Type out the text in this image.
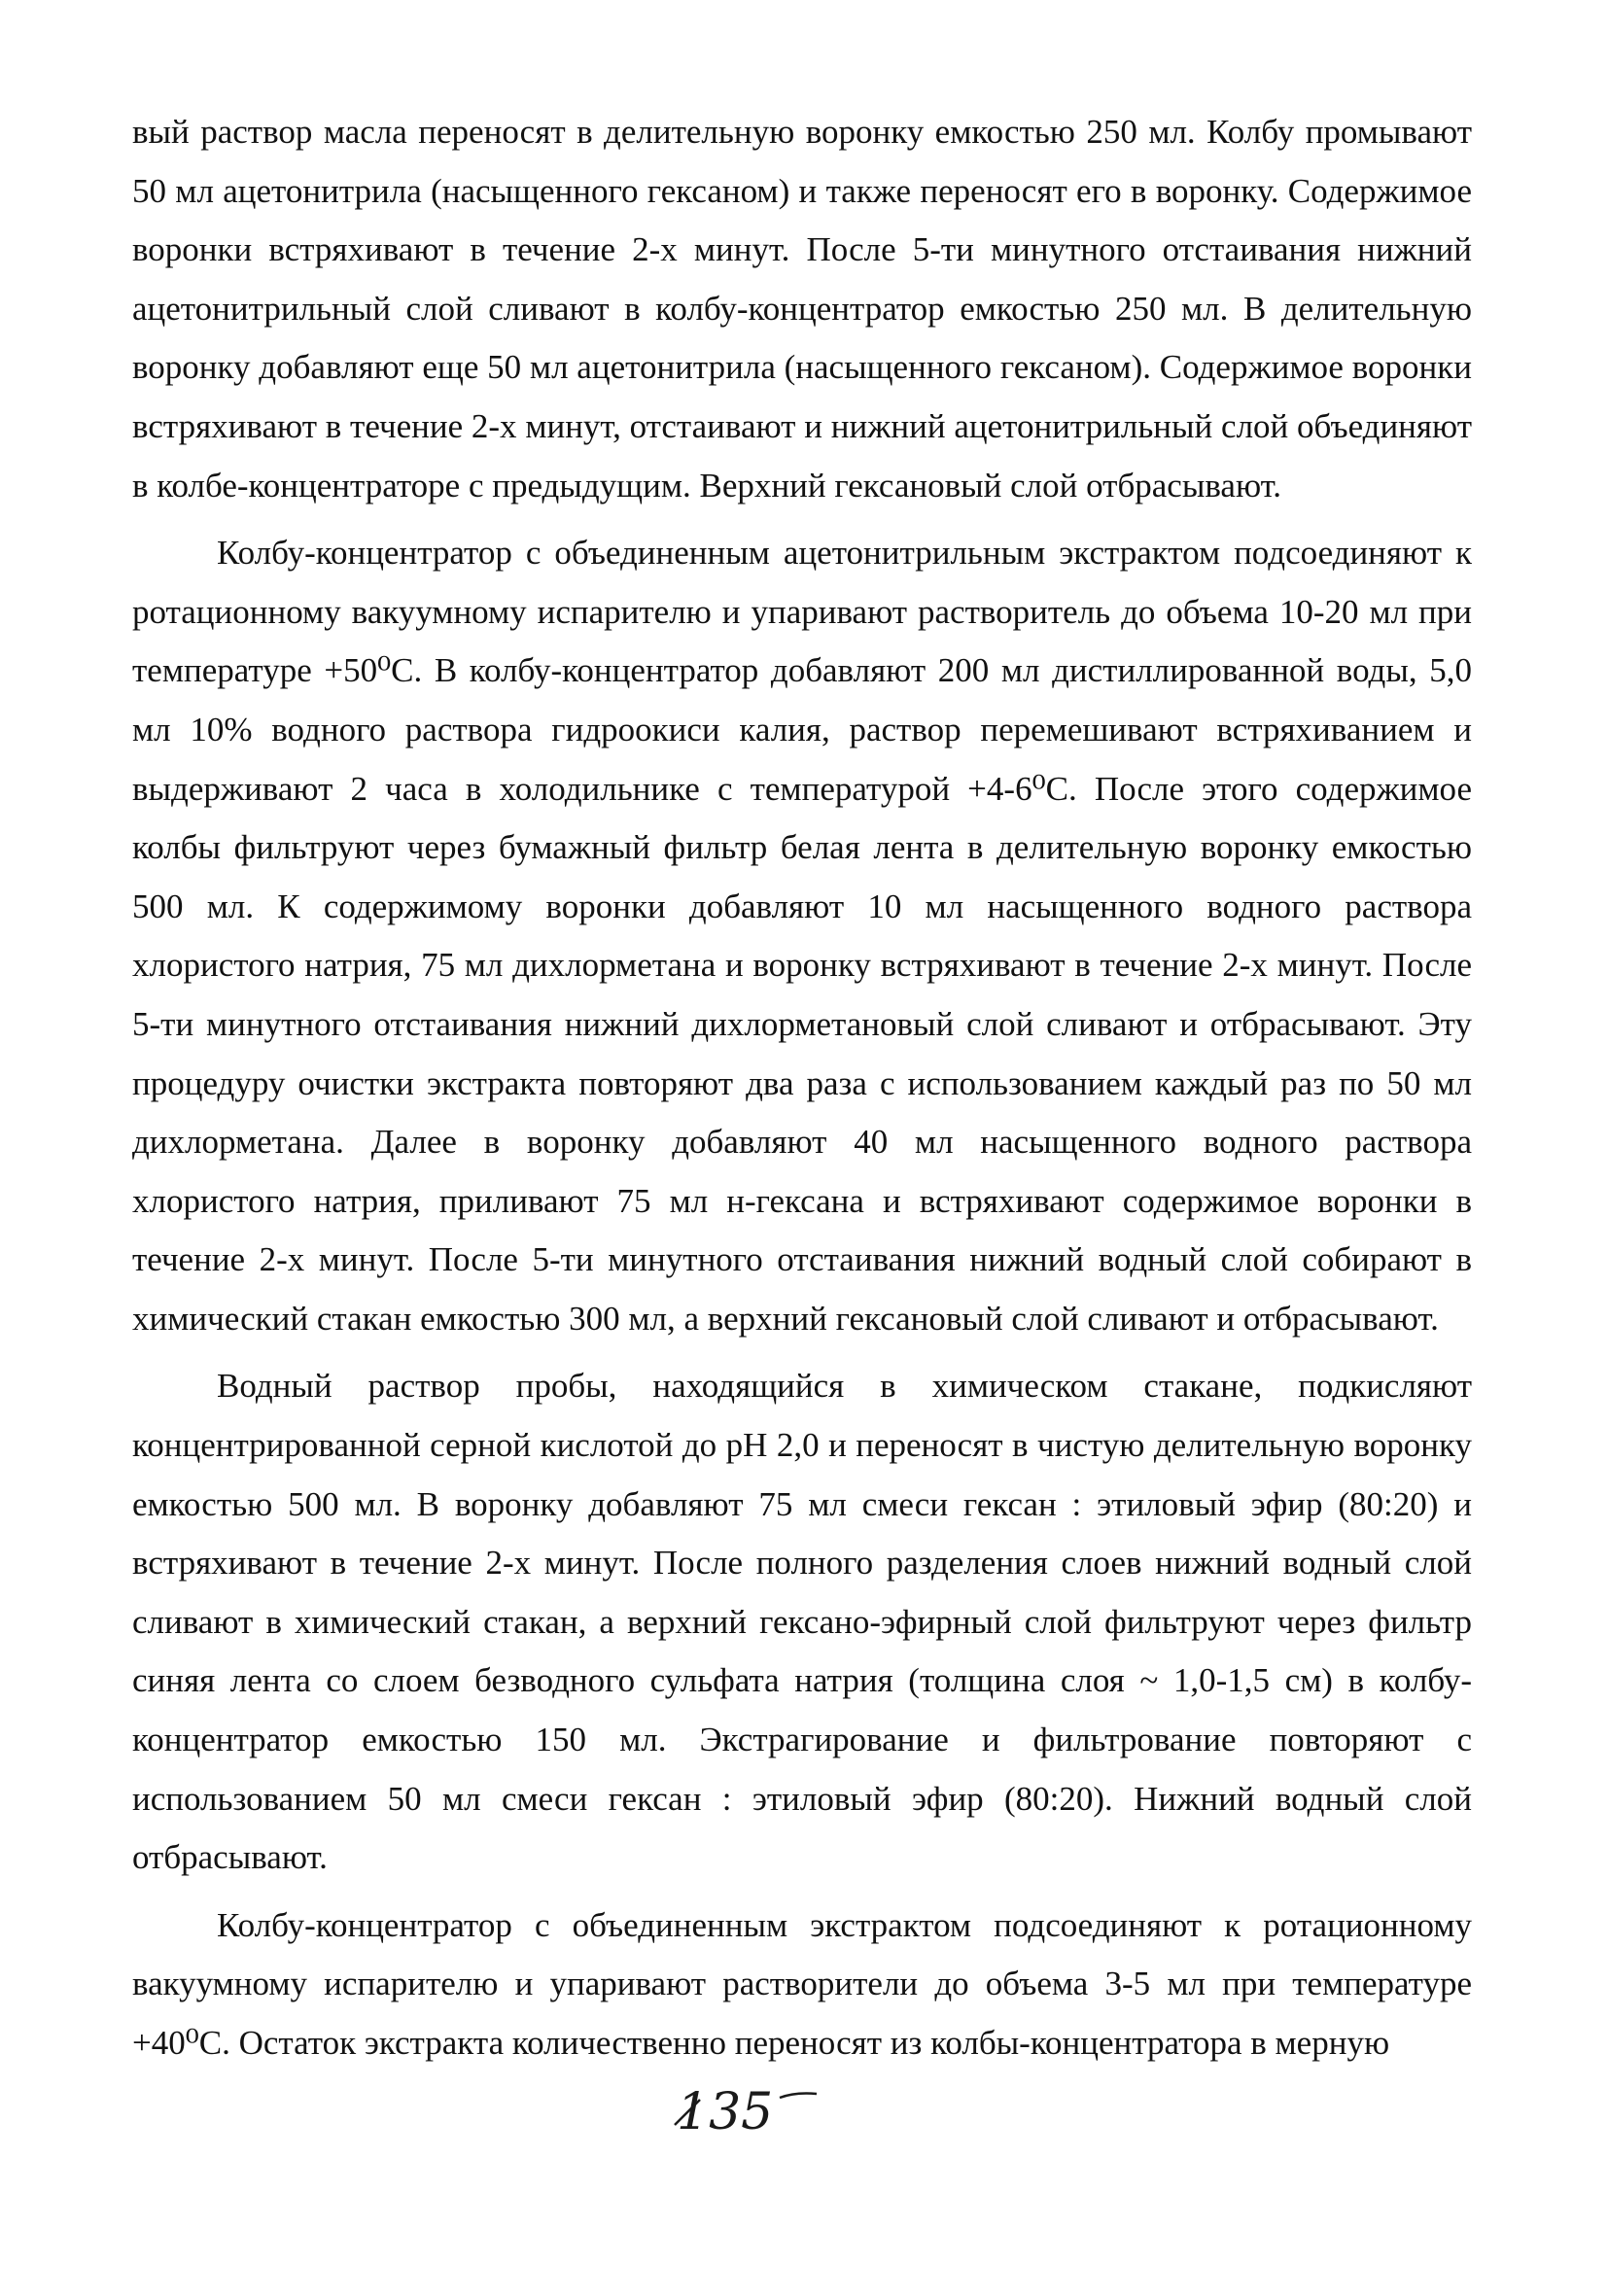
вый раствор масла переносят в делительную воронку емкостью 250 мл. Колбу промывают 50 мл ацетонитрила (насыщенного гексаном) и также переносят его в воронку. Содержимое воронки встряхивают в течение 2-х минут. После 5-ти минутного отстаивания нижний ацетонитрильный слой сливают в колбу-концентратор емкостью 250 мл. В делительную воронку добавляют еще 50 мл ацетонитрила (насыщенного гексаном). Содержимое воронки встряхивают в течение 2-х минут, отстаивают и нижний ацетонитрильный слой объединяют в колбе-концентраторе с предыдущим. Верхний гексановый слой отбрасывают.

Колбу-концентратор с объединенным ацетонитрильным экстрактом подсоединяют к ротационному вакуумному испарителю и упаривают растворитель до объема 10-20 мл при температуре +50⁰С. В колбу-концентратор добавляют 200 мл дистиллированной воды, 5,0 мл 10% водного раствора гидроокиси калия, раствор перемешивают встряхиванием и выдерживают 2 часа в холодильнике с температурой +4-6⁰С. После этого содержимое колбы фильтруют через бумажный фильтр белая лента в делительную воронку емкостью 500 мл. К содержимому воронки добавляют 10 мл насыщенного водного раствора хлористого натрия, 75 мл дихлорметана и воронку встряхивают в течение 2-х минут. После 5-ти минутного отстаивания нижний дихлорметановый слой сливают и отбрасывают. Эту процедуру очистки экстракта повторяют два раза с использованием каждый раз по 50 мл дихлорметана. Далее в воронку добавляют 40 мл насыщенного водного раствора хлористого натрия, приливают 75 мл н-гексана и встряхивают содержимое воронки в течение 2-х минут. После 5-ти минутного отстаивания нижний водный слой собирают в химический стакан емкостью 300 мл, а верхний гексановый слой сливают и отбрасывают.

Водный раствор пробы, находящийся в химическом стакане, подкисляют концентрированной серной кислотой до pH 2,0 и переносят в чистую делительную воронку емкостью 500 мл. В воронку добавляют 75 мл смеси гексан : этиловый эфир (80:20) и встряхивают в течение 2-х минут. После полного разделения слоев нижний водный слой сливают в химический стакан, а верхний гексано-эфирный слой фильтруют через фильтр синяя лента со слоем безводного сульфата натрия (толщина слоя ~ 1,0-1,5 см) в колбу-концентратор емкостью 150 мл. Экстрагирование и фильтрование повторяют с использованием 50 мл смеси гексан : этиловый эфир (80:20). Нижний водный слой отбрасывают.

Колбу-концентратор с объединенным экстрактом подсоединяют к ротационному вакуумному испарителю и упаривают растворители до объема 3-5 мл при температуре +40⁰С. Остаток экстракта количественно переносят из колбы-концентратора в мерную

135
